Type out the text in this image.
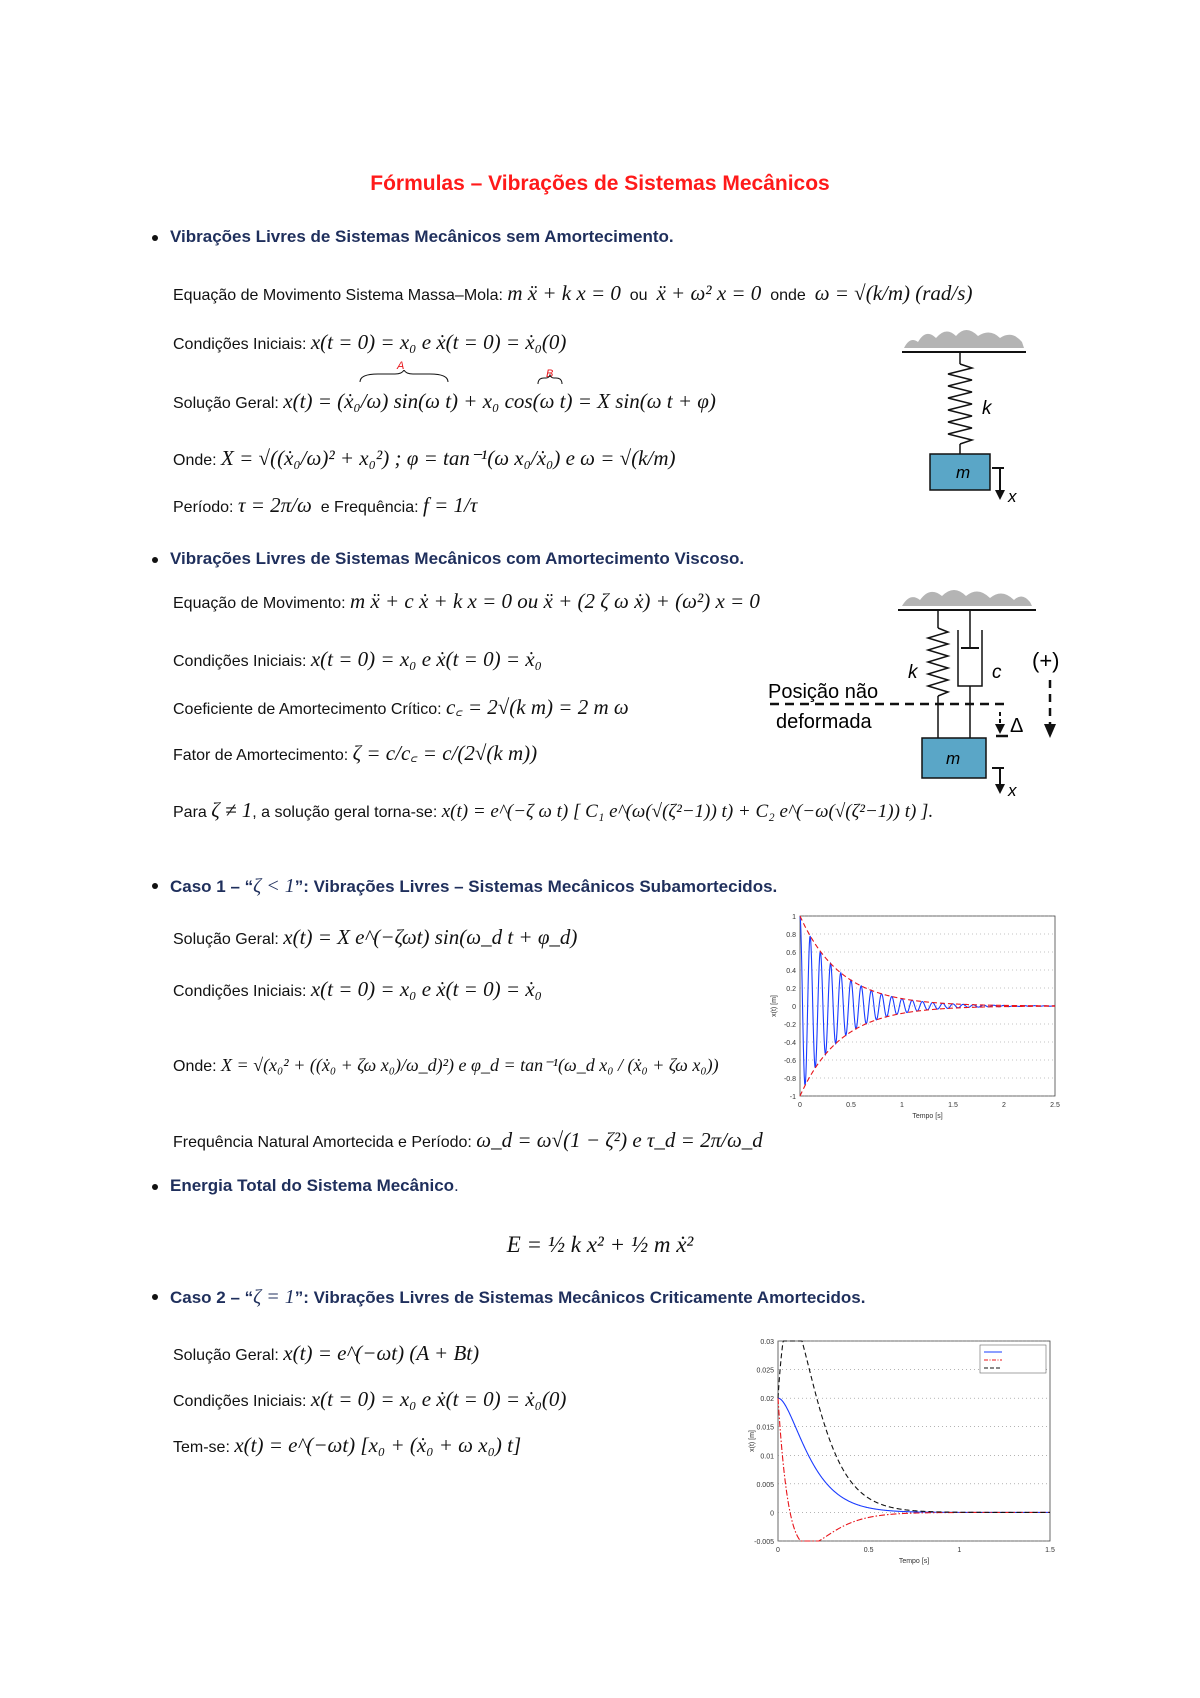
Fórmulas – Vibrações de Sistemas Mecânicos
Vibrações Livres de Sistemas Mecânicos sem Amortecimento.
Equação de Movimento Sistema Massa–Mola: m ẍ + k x = 0 ou ẍ + ω² x = 0 onde ω = √(k/m) (rad/s)
Condições Iniciais: x(t = 0) = x₀ e ẋ(t = 0) = ẋ₀(0)
A
B
Solução Geral: x(t) = (ẋ₀/ω) sin(ω t) + x₀ cos(ω t) = X sin(ω t + φ)
Onde: X = √((ẋ₀/ω)² + x₀²) ; φ = tan⁻¹(ω x₀/ẋ₀) e ω = √(k/m)
Período: τ = 2π/ω e Frequência: f = 1/τ
m
k
x
Vibrações Livres de Sistemas Mecânicos com Amortecimento Viscoso.
Equação de Movimento: m ẍ + c ẋ + k x = 0 ou ẍ + (2 ζ ω ẋ) + (ω²) x = 0
Condições Iniciais: x(t = 0) = x₀ e ẋ(t = 0) = ẋ₀
Coeficiente de Amortecimento Crítico: c꜀ = 2√(k m) = 2 m ω
Fator de Amortecimento: ζ = c/c꜀ = c/(2√(k m))
Para ζ ≠ 1, a solução geral torna-se: x(t) = e^(−ζ ω t) [ C₁ e^(ω(√(ζ²−1)) t) + C₂ e^(−ω(√(ζ²−1)) t) ].
k	c
Posição não
deformada	Δ
(+)
m
x
Caso 1 – “ζ < 1”: Vibrações Livres – Sistemas Mecânicos Subamortecidos.
Solução Geral: x(t) = X e^(−ζωt) sin(ω_d t + φ_d)
Condições Iniciais: x(t = 0) = x₀ e ẋ(t = 0) = ẋ₀
Onde: X = √(x₀² + ((ẋ₀ + ζω x₀)/ω_d)²) e φ_d = tan⁻¹(ω_d x₀ / (ẋ₀ + ζω x₀))
Frequência Natural Amortecida e Período: ω_d = ω√(1 − ζ²) e τ_d = 2π/ω_d
1
0.8
0.6
0.4
0.2
0
-0.2
-0.4
-0.6
-0.8
-1
0	0.5	1	1.5	2	2.5
Tempo [s]
x(t) [m]
Energia Total do Sistema Mecânico.
E = ½ k x² + ½ m ẋ²
Caso 2 – “ζ = 1”: Vibrações Livres de Sistemas Mecânicos Criticamente Amortecidos.
Solução Geral: x(t) = e^(−ωt) (A + Bt)
Condições Iniciais: x(t = 0) = x₀ e ẋ(t = 0) = ẋ₀(0)
Tem-se: x(t) = e^(−ωt) [x₀ + (ẋ₀ + ω x₀) t]
0.03
0.025
0.02
0.015
0.01
0.005
0
-0.005
0	0.5	1	1.5
Tempo [s]
x(t) [m]
